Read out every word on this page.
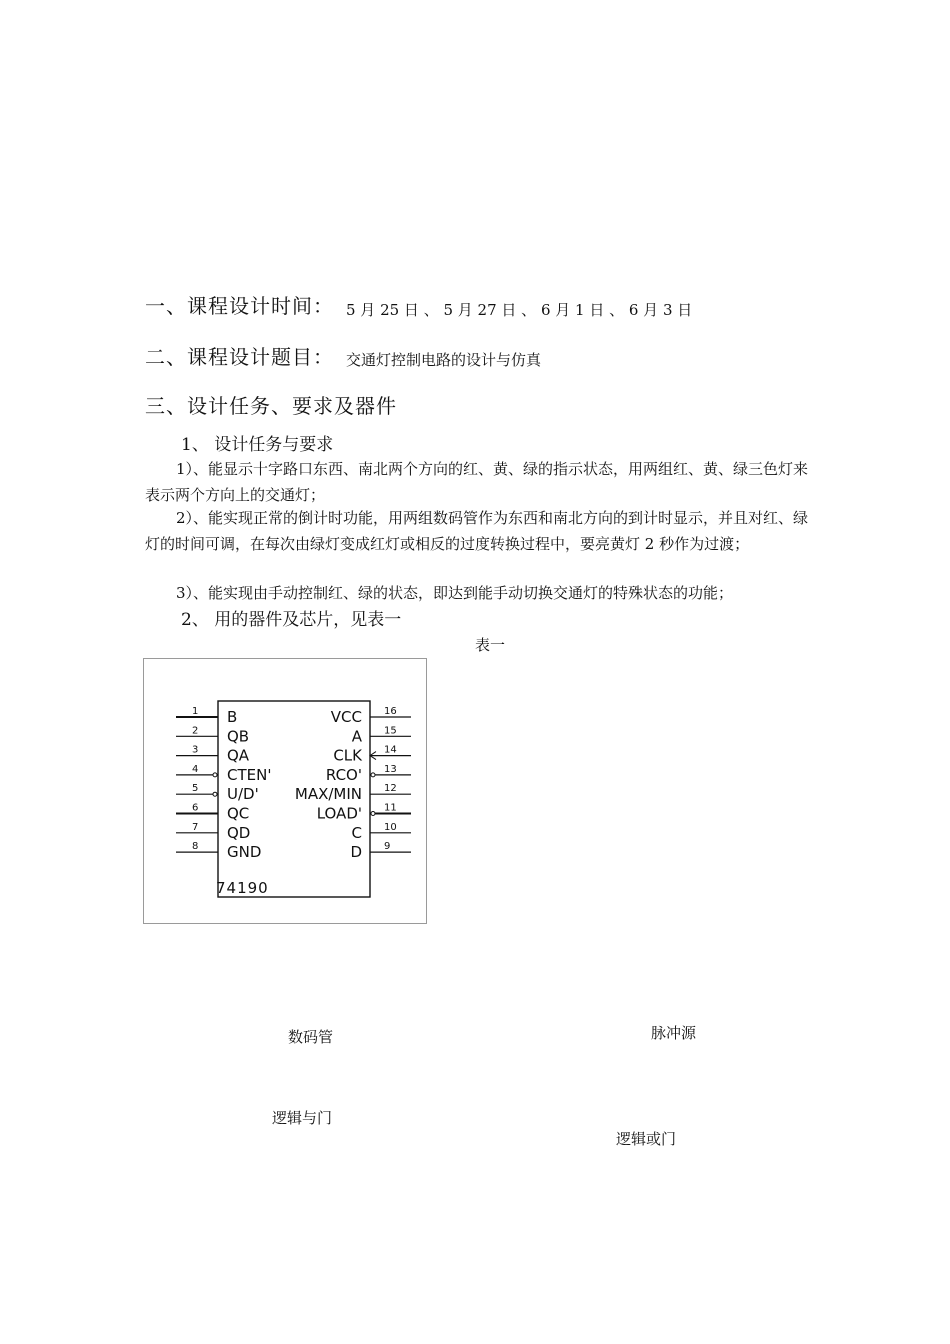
一、课程设计时间： 5 月 25 日 、 5 月 27 日 、 6 月 1 日 、 6 月 3 日
二、课程设计题目： 交通灯控制电路的设计与仿真
三、设计任务、要求及器件
1、 设计任务与要求
1）、能显示十字路口东西、南北两个方向的红、黄、绿的指示状态，用两组红、黄、绿三色灯来表示两个方向上的交通灯；
2）、能实现正常的倒计时功能，用两组数码管作为东西和南北方向的到计时显示，并且对红、绿灯的时间可调，在每次由绿灯变成红灯或相反的过度转换过程中，要亮黄灯 2 秒作为过渡；
3）、能实现由手动控制红、绿的状态，即达到能手动切换交通灯的特殊状态的功能；
2、 用的器件及芯片，见表一
表一
74190
1 B
2 QB
3 QA
4 CTEN'
5 U/D'
6 QC
7 QD
8 GND
16
VCC
15
A
14
CLK
13
RCO'
12
MAX/MIN
11
LOAD'
10
C
9
D
数码管	脉冲源
逻辑与门
逻辑或门
